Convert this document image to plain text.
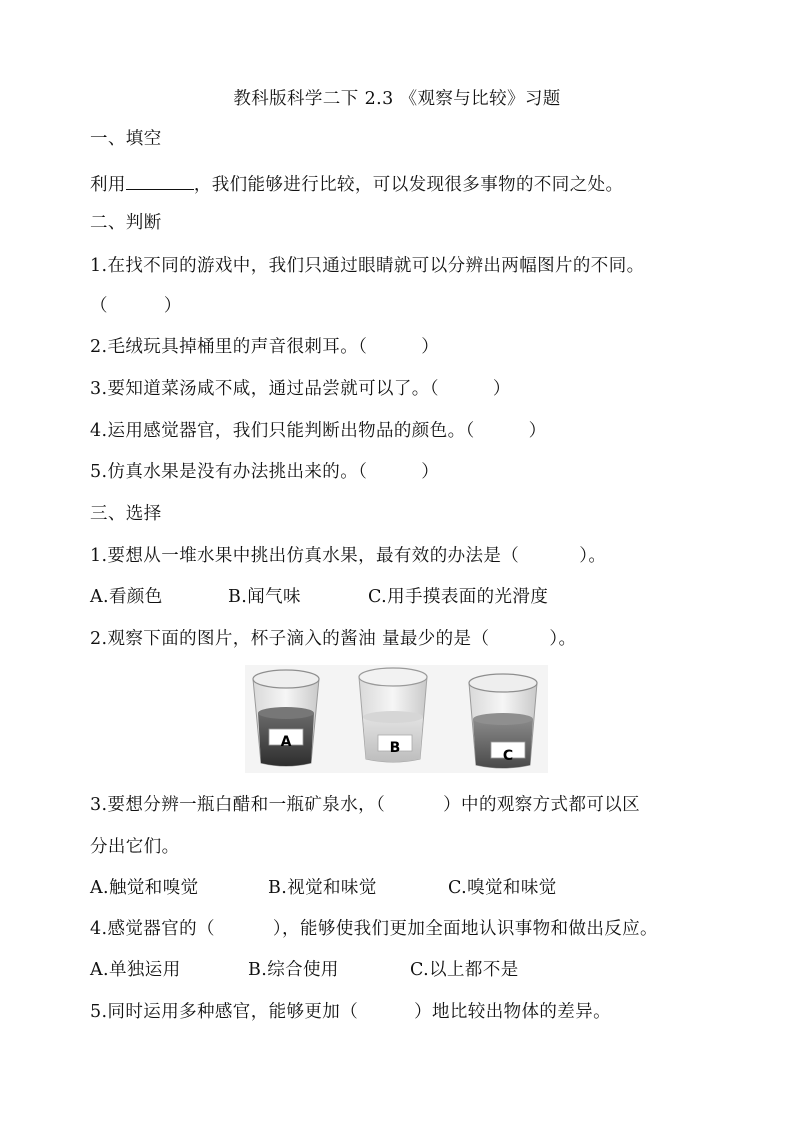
教科版科学二下 2.3 《观察与比较》习题
一、填空
利用	，我们能够进行比较，可以发现很多事物的不同之处。
二、判断
1.在找不同的游戏中，我们只通过眼睛就可以分辨出两幅图片的不同。
（	）
2.毛绒玩具掉桶里的声音很刺耳。（	）
3.要知道菜汤咸不咸，通过品尝就可以了。（	）
4.运用感觉器官，我们只能判断出物品的颜色。（	）
5.仿真水果是没有办法挑出来的。（	）
三、选择
1.要想从一堆水果中挑出仿真水果，最有效的办法是（	）。
A.看颜色	B.闻气味	C.用手摸表面的光滑度
2.观察下面的图片，杯子滴入的酱油 量最少的是（	）。
A	B	C
3.要想分辨一瓶白醋和一瓶矿泉水，（	）中的观察方式都可以区
分出它们。
A.触觉和嗅觉	B.视觉和味觉	C.嗅觉和味觉
4.感觉器官的（	），能够使我们更加全面地认识事物和做出反应。
A.单独运用	B.综合使用	C.以上都不是
5.同时运用多种感官，能够更加（	）地比较出物体的差异。
